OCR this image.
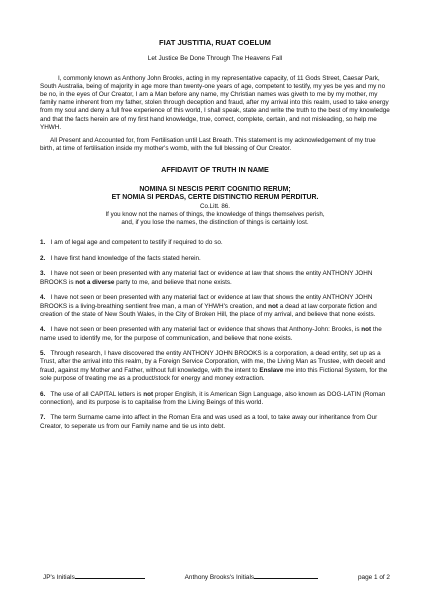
FIAT JUSTITIA, RUAT COELUM

Let Justice Be Done Through The Heavens Fall

I, commonly known as Anthony John Brooks, acting in my representative capacity, of 11 Gods Street, Caesar Park, South Australia, being of majority in age more than twenty-one years of age, competent to testify, my yes be yes and my no be no, in the eyes of Our Creator, I am a Man before any name, my Christian names was giveth to me by my mother, my family name inherent from my father, stolen through deception and fraud, after my arrival into this realm, used to take energy from my soul and deny a full free experience of this world, I shall speak, state and write the truth to the best of my knowledge and that the facts herein are of my first hand knowledge, true, correct, complete, certain, and not misleading, so help me YHWH.

All Present and Accounted for, from Fertilisation until Last Breath. This statement is my acknowledgement of my true birth, at time of fertilisation inside my mother's womb, with the full blessing of Our Creator.

AFFIDAVIT OF TRUTH IN NAME

NOMINA SI NESCIS PERIT COGNITIO RERUM;

ET NOMIA SI PERDAS, CERTE DISTINCTIO RERUM PERDITUR.

Co.Litt. 86.

If you know not the names of things, the knowledge of things themselves perish,

and, if you lose the names, the distinction of things is certainly lost.

1. I am of legal age and competent to testify if required to do so.

2. I have first hand knowledge of the facts stated herein.

3. I have not seen or been presented with any material fact or evidence at law that shows the entity ANTHONY JOHN BROOKS is not a diverse party to me, and believe that none exists.

4. I have not seen or been presented with any material fact or evidence at law that shows the entity ANTHONY JOHN BROOKS is a living-breathing sentient free man, a man of YHWH's creation, and not a dead at law corporate fiction and creation of the state of New South Wales, in the City of Broken Hill, the place of my arrival, and believe that none exists.

4. I have not seen or been presented with any material fact or evidence that shows that Anthony-John: Brooks, is not the name used to identify me, for the purpose of communication, and believe that none exists.

5. Through research, I have discovered the entity ANTHONY JOHN BROOKS is a corporation, a dead entity, set up as a Trust, after the arrival into this realm, by a Foreign Service Corporation, with me, the Living Man as Trustee, with deceit and fraud, against my Mother and Father, without full knowledge, with the intent to Enslave me into this Fictional System, for the sole purpose of treating me as a product/stock for energy and money extraction.

6. The use of all CAPITAL letters is not proper English, it is American Sign Language, also known as DOG-LATIN (Roman connection), and its purpose is to capitalise from the Living Beings of this world.

7. The term Surname came into affect in the Roman Era and was used as a tool, to take away our inheritance from Our Creator, to seperate us from our Family name and tie us into debt.

JP's Initials	Anthony Brooks's Initials	page 1 of 2
